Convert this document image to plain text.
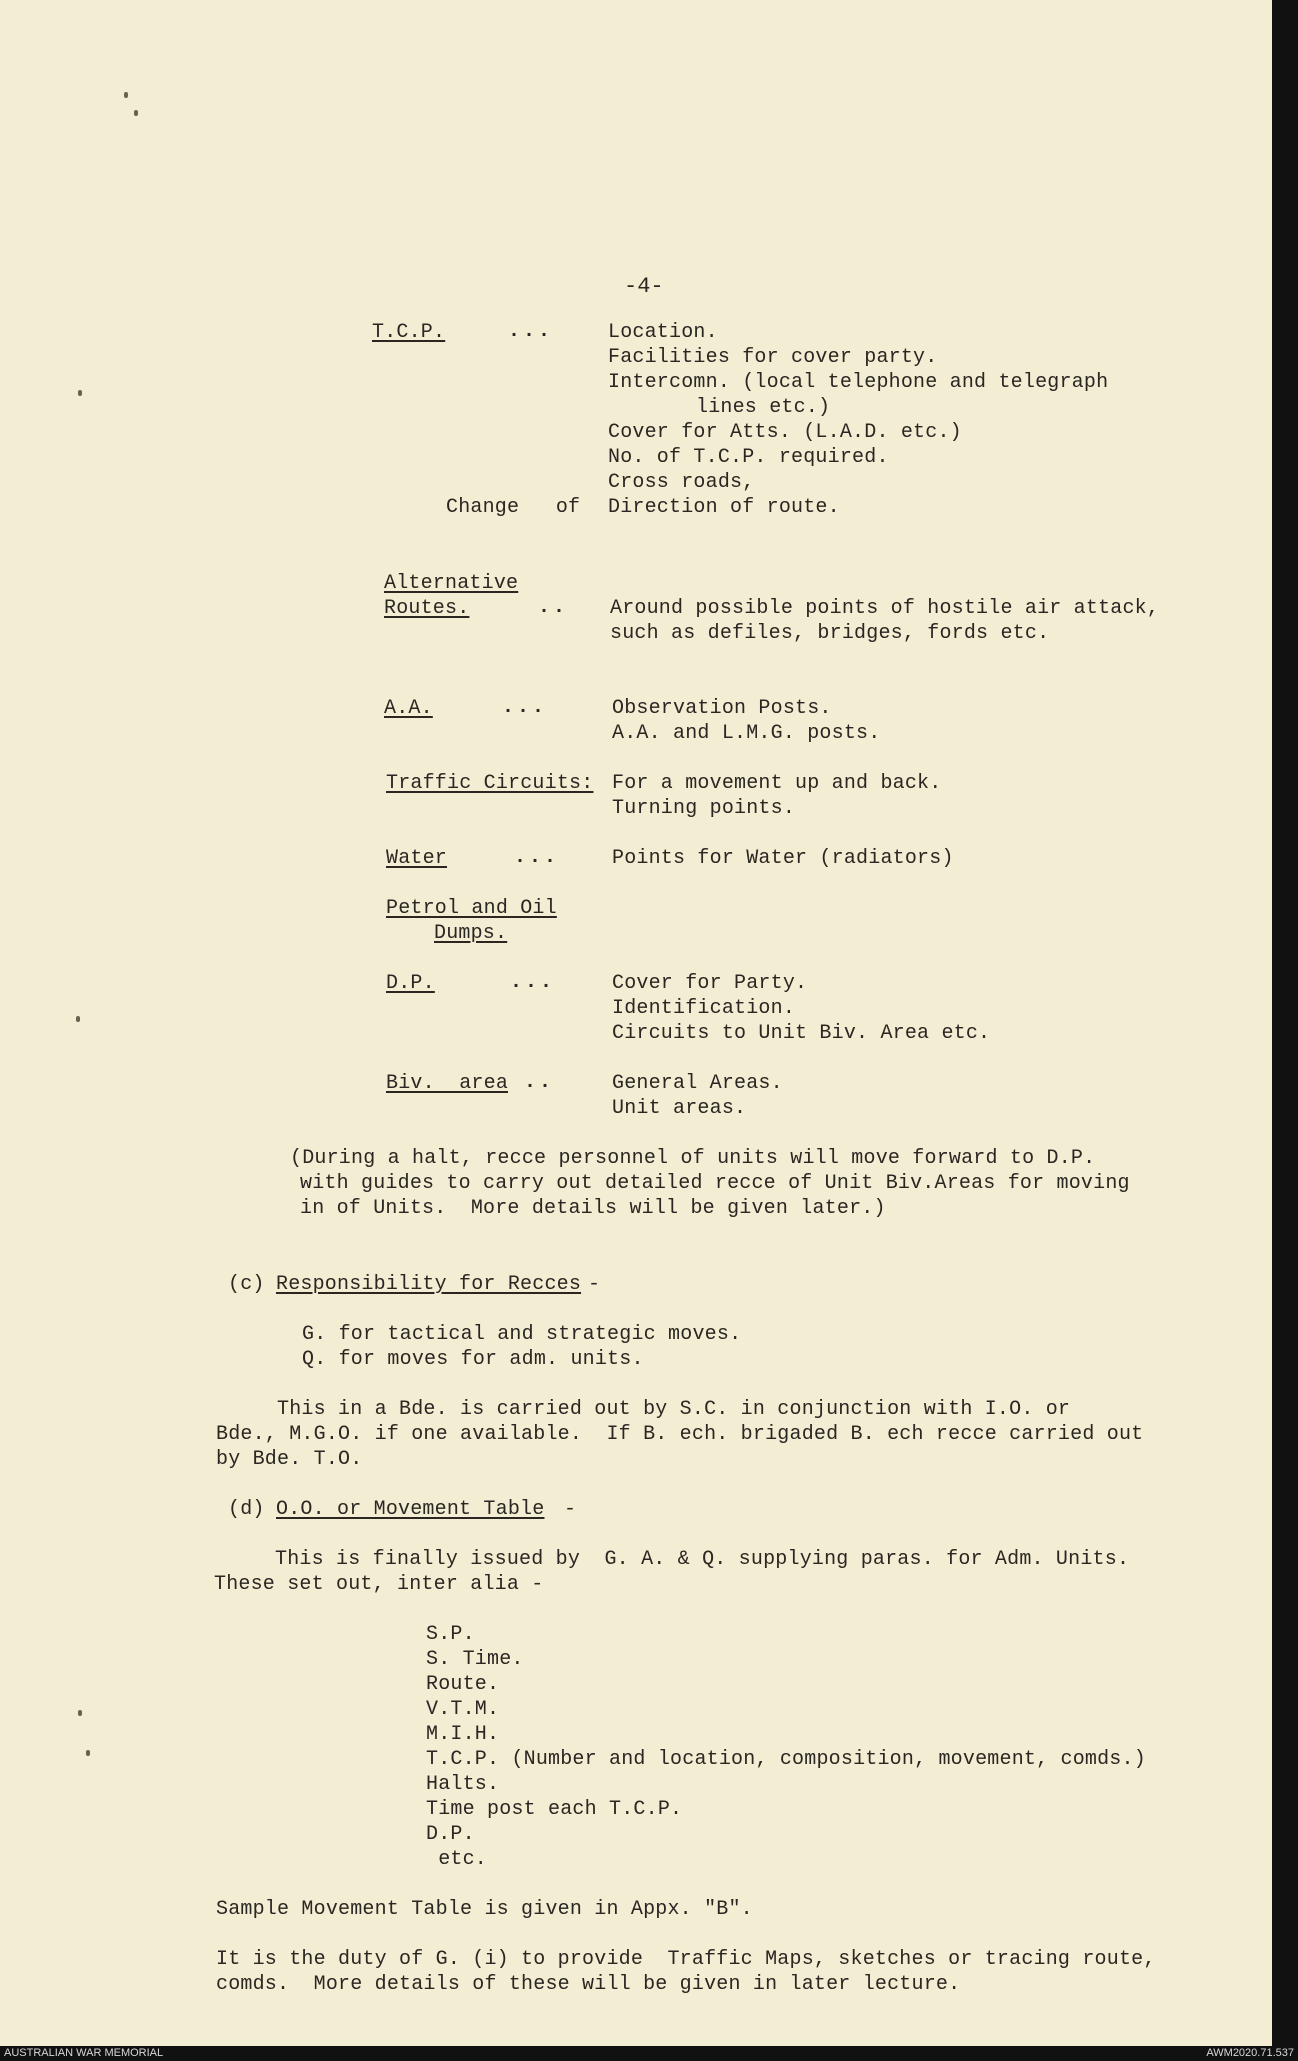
-4-
T.C.P.	...	Location.
Facilities for cover party.
Intercomn. (local telephone and telegraph
lines etc.)
Cover for Atts. (L.A.D. etc.)
No. of T.C.P. required.
Cross roads,
Change   of Direction of route.
Alternative
Routes.	.. Around possible points of hostile air attack,
such as defiles, bridges, fords etc.
A.A.	...	Observation Posts.
A.A. and L.M.G. posts.
Traffic Circuits: For a movement up and back.
Turning points.
Water	...	Points for Water (radiators)
Petrol and Oil
Dumps.
D.P.	...	Cover for Party.
Identification.
Circuits to Unit Biv. Area etc.
Biv.  area ..	General Areas.
Unit areas.
(During a halt, recce personnel of units will move forward to D.P.
with guides to carry out detailed recce of Unit Biv.Areas for moving
in of Units.  More details will be given later.)
(c) Responsibility for Recces -
G. for tactical and strategic moves.
Q. for moves for adm. units.
This in a Bde. is carried out by S.C. in conjunction with I.O. or
Bde., M.G.O. if one available.  If B. ech. brigaded B. ech recce carried out
by Bde. T.O.
(d) O.O. or Movement Table -
This is finally issued by  G. A. & Q. supplying paras. for Adm. Units.
These set out, inter alia -
S.P.
S. Time.
Route.
V.T.M.
M.I.H.
T.C.P. (Number and location, composition, movement, comds.)
Halts.
Time post each T.C.P.
D.P.
etc.
Sample Movement Table is given in Appx. "B".
It is the duty of G. (i) to provide  Traffic Maps, sketches or tracing route,
comds.  More details of these will be given in later lecture.
AUSTRALIAN WAR MEMORIAL	AWM2020.71.537
